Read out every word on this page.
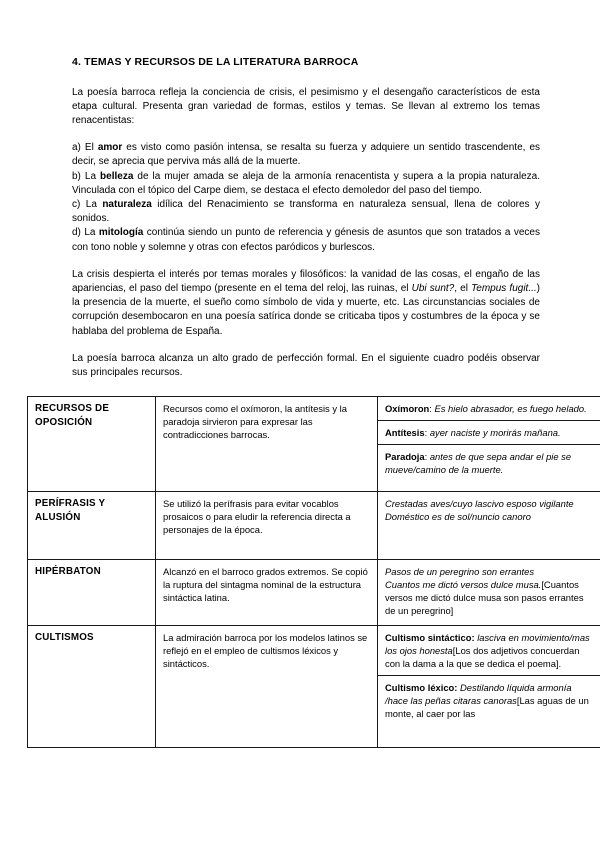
4. TEMAS Y RECURSOS DE LA LITERATURA BARROCA

La poesía barroca refleja la conciencia de crisis, el pesimismo y el desengaño característicos de esta etapa cultural. Presenta gran variedad de formas, estilos y temas. Se llevan al extremo los temas renacentistas:

a) El amor es visto como pasión intensa, se resalta su fuerza y adquiere un sentido trascendente, es decir, se aprecia que perviva más allá de la muerte.

b) La belleza de la mujer amada se aleja de la armonía renacentista y supera a la propia naturaleza. Vinculada con el tópico del Carpe diem, se destaca el efecto demoledor del paso del tiempo.

c) La naturaleza idílica del Renacimiento se transforma en naturaleza sensual, llena de colores y sonidos.

d) La mitología continúa siendo un punto de referencia y génesis de asuntos que son tratados a veces con tono noble y solemne y otras con efectos paródicos y burlescos.

La crisis despierta el interés por temas morales y filosóficos: la vanidad de las cosas, el engaño de las apariencias, el paso del tiempo (presente en el tema del reloj, las ruinas, el Ubi sunt?, el Tempus fugit...) la presencia de la muerte, el sueño como símbolo de vida y muerte, etc. Las circunstancias sociales de corrupción desembocaron en una poesía satírica donde se criticaba tipos y costumbres de la época y se hablaba del problema de España.

La poesía barroca alcanza un alto grado de perfección formal. En el siguiente cuadro podéis observar sus principales recursos.

RECURSOS DE OPOSICIÓN	Recursos como el oxímoron, la antítesis y la paradoja sirvieron para expresar las contradicciones barrocas.	Oxímoron: Es hielo abrasador, es fuego helado.
Antítesis: ayer naciste y morirás mañana.
Paradoja: antes de que sepa andar el pie se mueve/camino de la muerte.

PERÍFRASIS Y ALUSIÓN	Se utilizó la perífrasis para evitar vocablos prosaicos o para eludir la referencia directa a personajes de la época.	Crestadas aves/cuyo lascivo esposo vigilante
Doméstico es de sol/nuncio canoro

HIPÉRBATON	Alcanzó en el barroco grados extremos. Se copió la ruptura del sintagma nominal de la estructura sintáctica latina.	Pasos de un peregrino son errantes
Cuantos me dictó versos dulce musa.[Cuantos versos me dictó dulce musa son pasos errantes de un peregrino]

CULTISMOS	La admiración barroca por los modelos latinos se reflejó en el empleo de cultismos léxicos y sintácticos.	Cultismo sintáctico: lasciva en movimiento/mas los ojos honesta[Los dos adjetivos concuerdan con la dama a la que se dedica el poema].
Cultismo léxico: Destilando líquida armonía /hace las peñas citaras canoras[Las aguas de un monte, al caer por las
